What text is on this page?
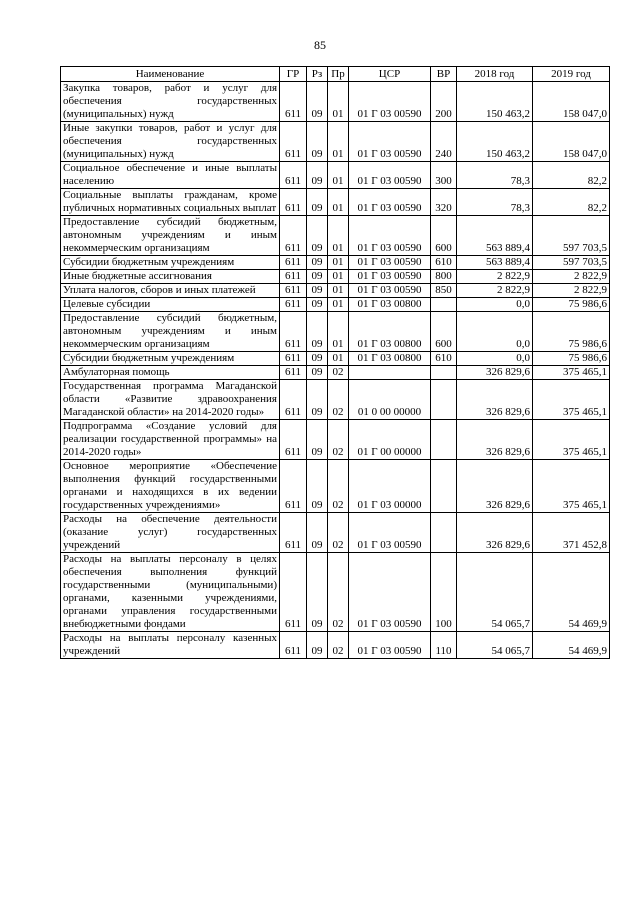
85
Наименование	ГР	Рз	Пр	ЦСР	ВР	2018 год	2019 год
Закупка товаров, работ и услуг для обеспечения государственных (муниципальных) нужд	611	09	01	01 Г 03 00590	200	150 463,2	158 047,0
Иные закупки товаров, работ и услуг для обеспечения государственных (муниципальных) нужд	611	09	01	01 Г 03 00590	240	150 463,2	158 047,0
Социальное обеспечение и иные выплаты населению	611	09	01	01 Г 03 00590	300	78,3	82,2
Социальные выплаты гражданам, кроме публичных нормативных социальных выплат	611	09	01	01 Г 03 00590	320	78,3	82,2
Предоставление субсидий бюджетным, автономным учреждениям и иным некоммерческим организациям	611	09	01	01 Г 03 00590	600	563 889,4	597 703,5
Субсидии бюджетным учреждениям	611	09	01	01 Г 03 00590	610	563 889,4	597 703,5
Иные бюджетные ассигнования	611	09	01	01 Г 03 00590	800	2 822,9	2 822,9
Уплата налогов, сборов и иных платежей	611	09	01	01 Г 03 00590	850	2 822,9	2 822,9
Целевые субсидии	611	09	01	01 Г 03 00800		0,0	75 986,6
Предоставление субсидий бюджетным, автономным учреждениям и иным некоммерческим организациям	611	09	01	01 Г 03 00800	600	0,0	75 986,6
Субсидии бюджетным учреждениям	611	09	01	01 Г 03 00800	610	0,0	75 986,6
Амбулаторная помощь	611	09	02			326 829,6	375 465,1
Государственная программа Магаданской области «Развитие здравоохранения Магаданской области» на 2014-2020 годы»	611	09	02	01 0 00 00000		326 829,6	375 465,1
Подпрограмма «Создание условий для реализации государственной программы» на 2014-2020 годы»	611	09	02	01 Г 00 00000		326 829,6	375 465,1
Основное мероприятие «Обеспечение выполнения функций государственными органами и находящихся в их ведении государственных учреждениями»	611	09	02	01 Г 03 00000		326 829,6	375 465,1
Расходы на обеспечение деятельности (оказание услуг) государственных учреждений	611	09	02	01 Г 03 00590		326 829,6	371 452,8
Расходы на выплаты персоналу в целях обеспечения выполнения функций государственными (муниципальными) органами, казенными учреждениями, органами управления государственными внебюджетными фондами	611	09	02	01 Г 03 00590	100	54 065,7	54 469,9
Расходы на выплаты персоналу казенных учреждений	611	09	02	01 Г 03 00590	110	54 065,7	54 469,9
